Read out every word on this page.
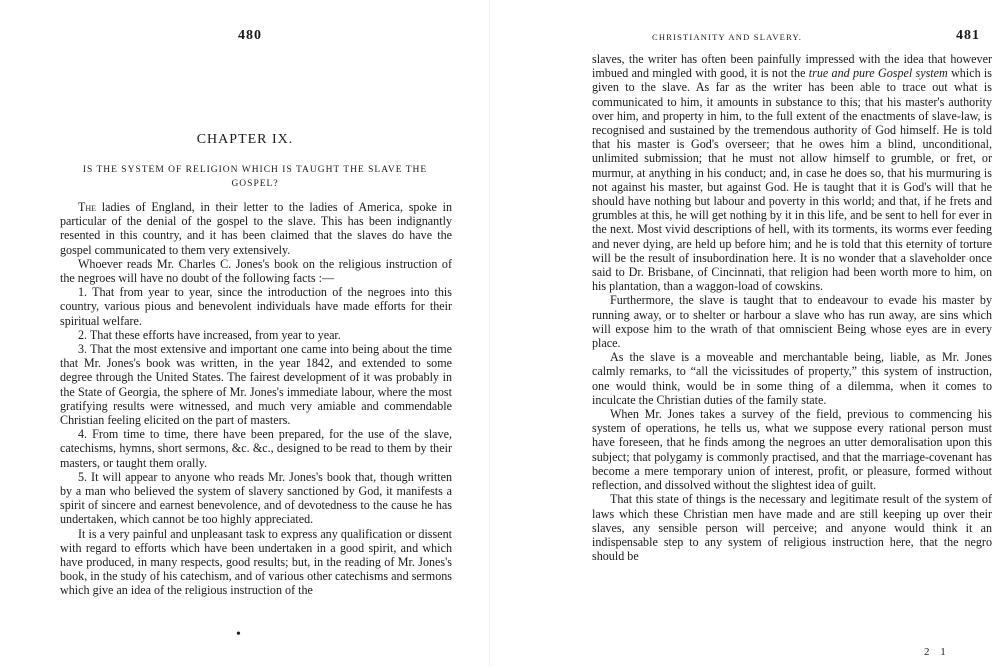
480
CHAPTER IX.
IS THE SYSTEM OF RELIGION WHICH IS TAUGHT THE SLAVE THE GOSPEL?

The ladies of England, in their letter to the ladies of America, spoke in particular of the denial of the gospel to the slave. This has been indignantly resented in this country, and it has been claimed that the slaves do have the gospel communicated to them very extensively.

Whoever reads Mr. Charles C. Jones's book on the religious instruction of the negroes will have no doubt of the following facts :—

1. That from year to year, since the introduction of the negroes into this country, various pious and benevolent individuals have made efforts for their spiritual welfare.

2. That these efforts have increased, from year to year.

3. That the most extensive and important one came into being about the time that Mr. Jones's book was written, in the year 1842, and extended to some degree through the United States. The fairest development of it was probably in the State of Georgia, the sphere of Mr. Jones's immediate labour, where the most gratifying results were witnessed, and much very amiable and commendable Christian feeling elicited on the part of masters.

4. From time to time, there have been prepared, for the use of the slave, catechisms, hymns, short sermons, &c. &c., designed to be read to them by their masters, or taught them orally.

5. It will appear to anyone who reads Mr. Jones's book that, though written by a man who believed the system of slavery sanctioned by God, it manifests a spirit of sincere and earnest benevolence, and of devotedness to the cause he has undertaken, which cannot be too highly appreciated.

It is a very painful and unpleasant task to express any qualification or dissent with regard to efforts which have been undertaken in a good spirit, and which have produced, in many respects, good results; but, in the reading of Mr. Jones's book, in the study of his catechism, and of various other catechisms and sermons which give an idea of the religious instruction of the

•
CHRISTIANITY AND SLAVERY.	481

slaves, the writer has often been painfully impressed with the idea that however imbued and mingled with good, it is not the true and pure Gospel system which is given to the slave. As far as the writer has been able to trace out what is communicated to him, it amounts in substance to this; that his master's authority over him, and property in him, to the full extent of the enactments of slave-law, is recognised and sustained by the tremendous authority of God himself. He is told that his master is God's overseer; that he owes him a blind, unconditional, unlimited submission; that he must not allow himself to grumble, or fret, or murmur, at anything in his conduct; and, in case he does so, that his murmuring is not against his master, but against God. He is taught that it is God's will that he should have nothing but labour and poverty in this world; and that, if he frets and grumbles at this, he will get nothing by it in this life, and be sent to hell for ever in the next. Most vivid descriptions of hell, with its torments, its worms ever feeding and never dying, are held up before him; and he is told that this eternity of torture will be the result of insubordination here. It is no wonder that a slaveholder once said to Dr. Brisbane, of Cincinnati, that religion had been worth more to him, on his plantation, than a waggon-load of cowskins.

Furthermore, the slave is taught that to endeavour to evade his master by running away, or to shelter or harbour a slave who has run away, are sins which will expose him to the wrath of that omniscient Being whose eyes are in every place.

As the slave is a moveable and merchantable being, liable, as Mr. Jones calmly remarks, to “all the vicissitudes of property,” this system of instruction, one would think, would be in some thing of a dilemma, when it comes to inculcate the Christian duties of the family state.

When Mr. Jones takes a survey of the field, previous to commencing his system of operations, he tells us, what we suppose every rational person must have foreseen, that he finds among the negroes an utter demoralisation upon this subject; that polygamy is commonly practised, and that the marriage-covenant has become a mere temporary union of interest, profit, or pleasure, formed without reflection, and dissolved without the slightest idea of guilt.

That this state of things is the necessary and legitimate result of the system of laws which these Christian men have made and are still keeping up over their slaves, any sensible person will perceive; and anyone would think it an indispensable step to any system of religious instruction here, that the negro should be

2 1
